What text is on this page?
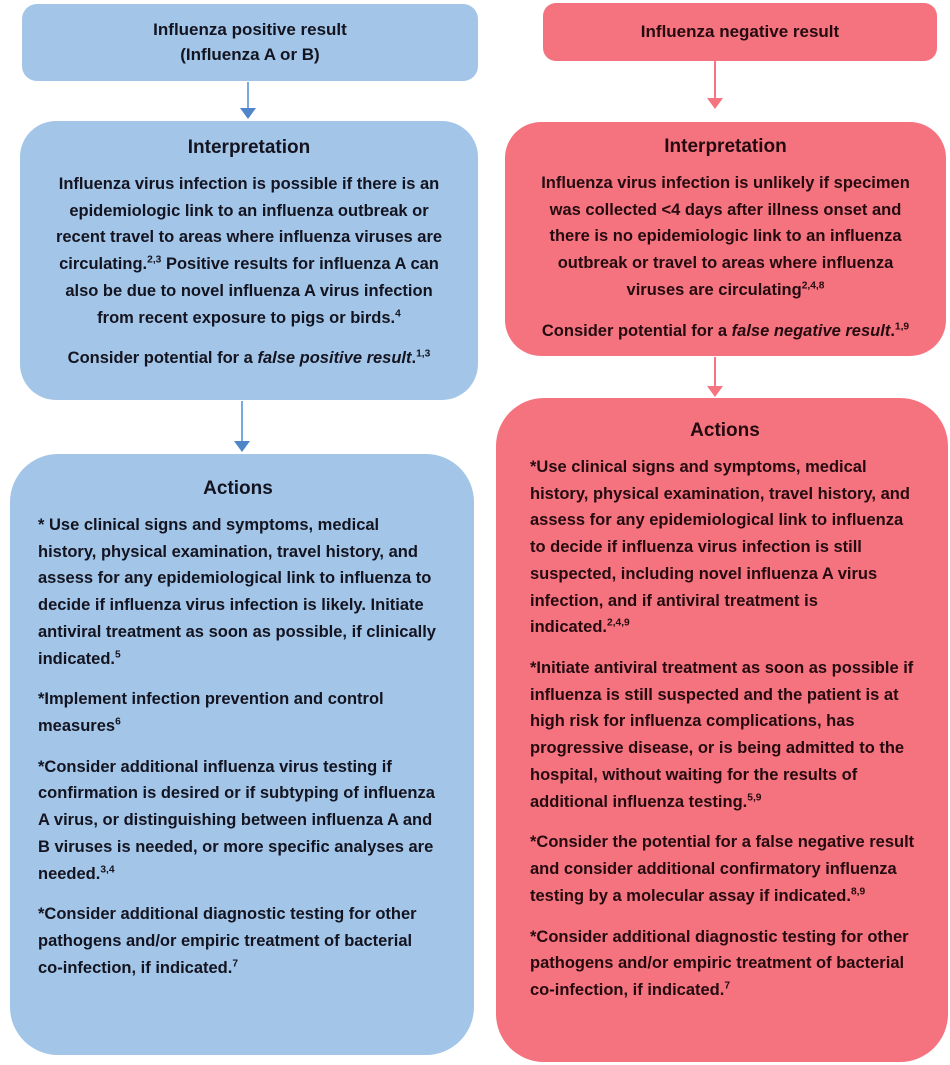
Influenza positive result
(Influenza A or B)
Interpretation

Influenza virus infection is possible if there is an epidemiologic link to an influenza outbreak or recent travel to areas where influenza viruses are circulating.$^{2,3}$ Positive results for influenza A can also be due to novel influenza A virus infection from recent exposure to pigs or birds.$^4$

Consider potential for a false positive result.$^{1,3}$

Actions

* Use clinical signs and symptoms, medical history, physical examination, travel history, and assess for any epidemiological link to influenza to decide if influenza virus infection is likely. Initiate antiviral treatment as soon as possible, if clinically indicated.$^5$

*Implement infection prevention and control measures$^6$

*Consider additional influenza virus testing if confirmation is desired or if subtyping of influenza A virus, or distinguishing between influenza A and B viruses is needed, or more specific analyses are needed.$^{3,4}$

*Consider additional diagnostic testing for other pathogens and/or empiric treatment of bacterial co-infection, if indicated.$^7$

Influenza negative result
Interpretation

Influenza virus infection is unlikely if specimen was collected <4 days after illness onset and there is no epidemiologic link to an influenza outbreak or travel to areas where influenza viruses are circulating$^{2,4,8}$

Consider potential for a false negative result.$^{1,9}$

Actions

*Use clinical signs and symptoms, medical history, physical examination, travel history, and assess for any epidemiological link to influenza to decide if influenza virus infection is still suspected, including novel influenza A virus infection, and if antiviral treatment is indicated.$^{2,4,9}$

*Initiate antiviral treatment as soon as possible if influenza is still suspected and the patient is at high risk for influenza complications, has progressive disease, or is being admitted to the hospital, without waiting for the results of additional influenza testing.$^{5,9}$

*Consider the potential for a false negative result and consider additional confirmatory influenza testing by a molecular assay if indicated.$^{8,9}$

*Consider additional diagnostic testing for other pathogens and/or empiric treatment of bacterial co-infection, if indicated.$^7$
